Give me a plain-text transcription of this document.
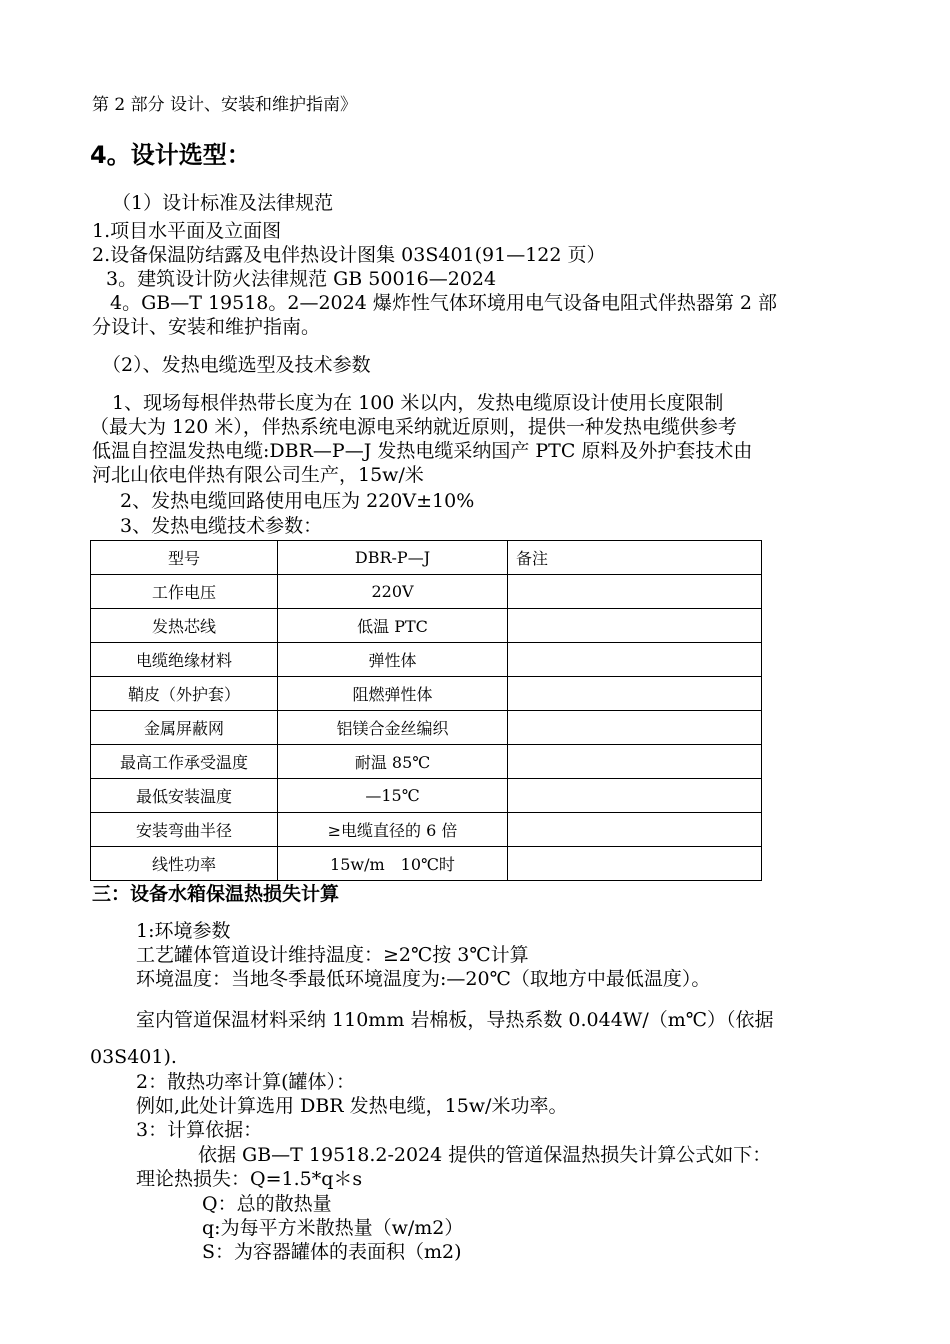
第 2 部分 设计、安装和维护指南》
4。设计选型：
（1）设计标准及法律规范
1.项目水平面及立面图
2.设备保温防结露及电伴热设计图集 03S401(91—122 页）
3。建筑设计防火法律规范 GB 50016—2024
4。GB—T 19518。2—2024 爆炸性气体环境用电气设备电阻式伴热器第 2 部
分设计、安装和维护指南。
（2）、发热电缆选型及技术参数
1、现场每根伴热带长度为在 100 米以内，发热电缆原设计使用长度限制
（最大为 120 米），伴热系统电源电采纳就近原则，提供一种发热电缆供参考
低温自控温发热电缆:DBR—P—J 发热电缆采纳国产 PTC 原料及外护套技术由
河北山依电伴热有限公司生产，15w/米
2、发热电缆回路使用电压为 220V±10%
3、发热电缆技术参数：
型号	DBR-P—J	备注
工作电压	220V	
发热芯线	低温 PTC	
电缆绝缘材料	弹性体	
鞘皮（外护套）	阻燃弹性体	
金属屏蔽网	铝镁合金丝编织	
最高工作承受温度	耐温 85℃	
最低安装温度	—15℃	
安装弯曲半径	≥电缆直径的 6 倍	
线性功率	15w/m　10℃时	
三：设备水箱保温热损失计算
1:环境参数
工艺罐体管道设计维持温度：≥2℃按 3℃计算
环境温度：当地冬季最低环境温度为:—20℃（取地方中最低温度）。
室内管道保温材料采纳 110mm 岩棉板，导热系数 0.044W/（m℃）（依据
03S401).
2：散热功率计算(罐体）：
例如,此处计算选用 DBR 发热电缆，15w/米功率。
3：计算依据：
依据 GB—T 19518.2-2024 提供的管道保温热损失计算公式如下：
理论热损失：Q=1.5*q＊s
Q：总的散热量
q:为每平方米散热量（w/m2）
S：为容器罐体的表面积（m2)
